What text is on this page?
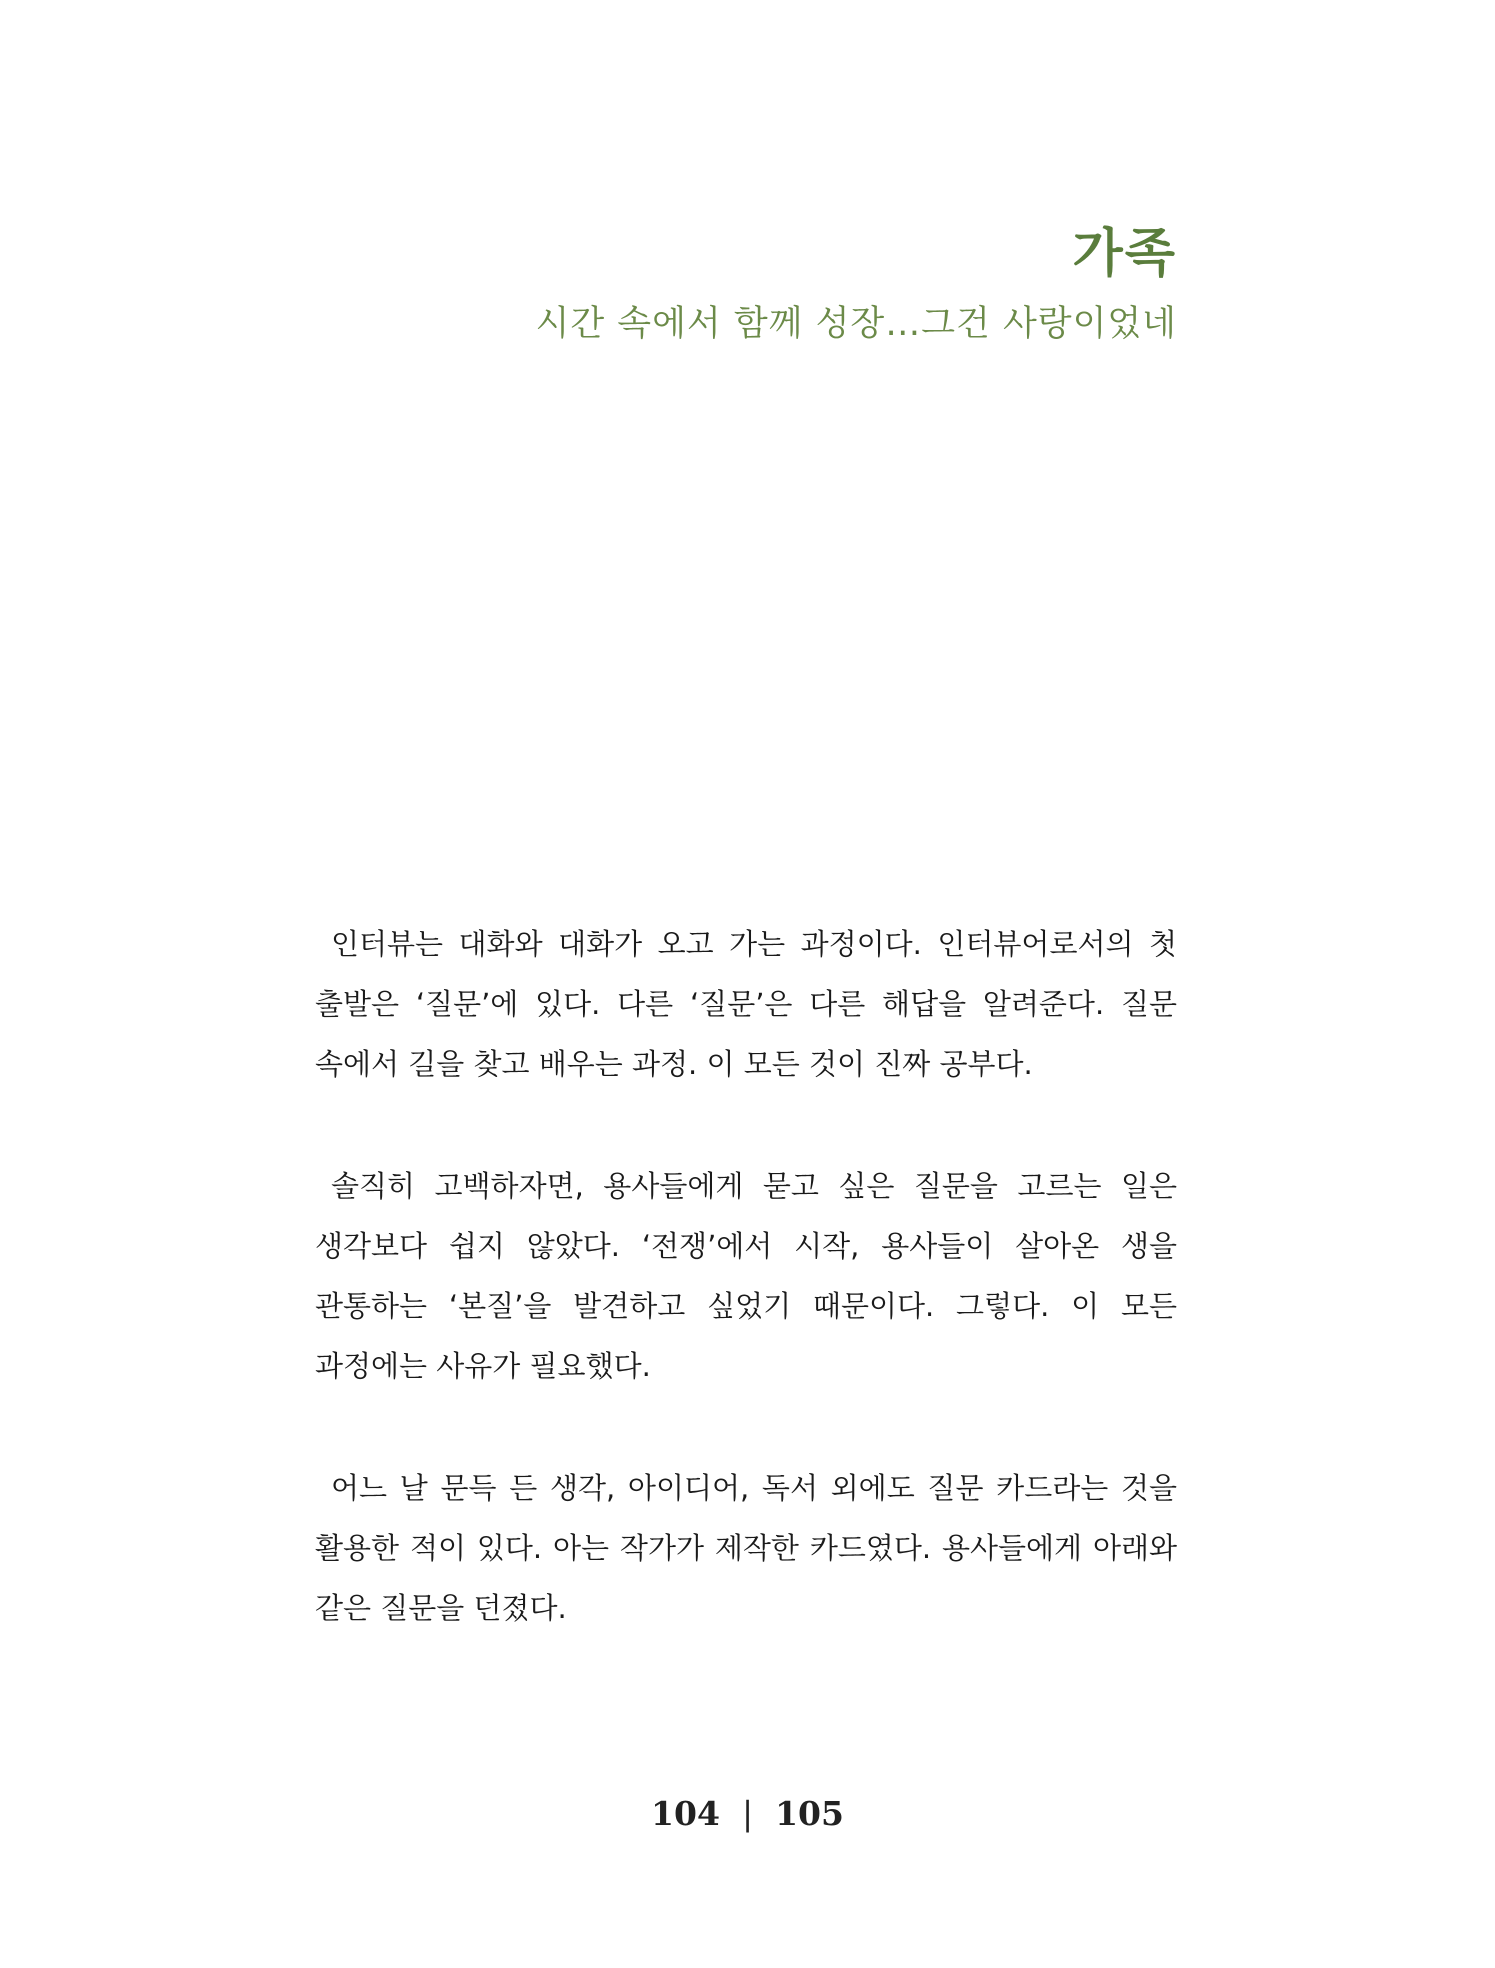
가족
시간 속에서 함께 성장…그건 사랑이었네

인터뷰는 대화와 대화가 오고 가는 과정이다. 인터뷰어로서의 첫 출발은 ‘질문’에 있다. 다른 ‘질문’은 다른 해답을 알려준다. 질문 속에서 길을 찾고 배우는 과정. 이 모든 것이 진짜 공부다.

솔직히 고백하자면, 용사들에게 묻고 싶은 질문을 고르는 일은 생각보다 쉽지 않았다. ‘전쟁’에서 시작, 용사들이 살아온 생을 관통하는 ‘본질’을 발견하고 싶었기 때문이다. 그렇다. 이 모든 과정에는 사유가 필요했다.

어느 날 문득 든 생각, 아이디어, 독서 외에도 질문 카드라는 것을 활용한 적이 있다. 아는 작가가 제작한 카드였다. 용사들에게 아래와 같은 질문을 던졌다.

104 | 105
